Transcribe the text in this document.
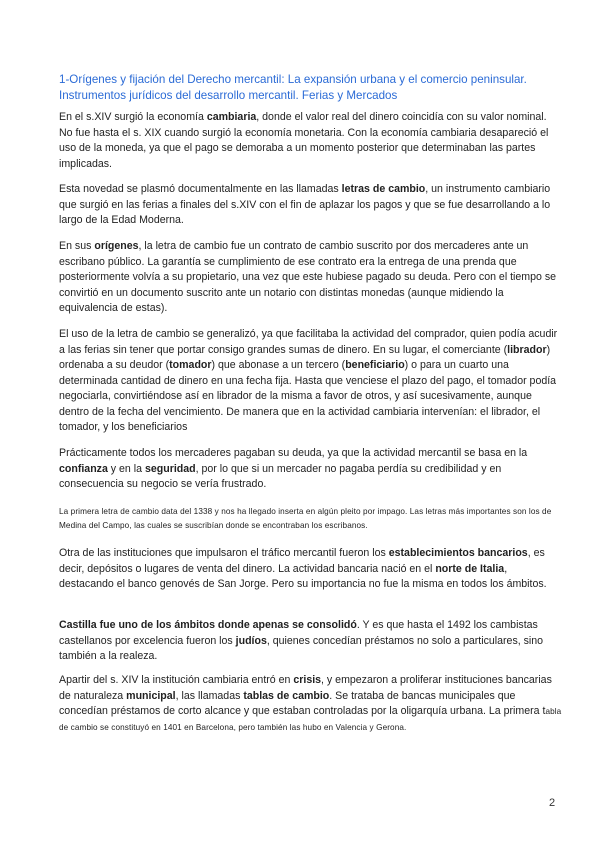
1-Orígenes y fijación del Derecho mercantil: La expansión urbana y el comercio peninsular. Instrumentos jurídicos del desarrollo mercantil. Ferias y Mercados

En el s.XIV surgió la economía cambiaria, donde el valor real del dinero coincidía con su valor nominal. No fue hasta el s. XIX cuando surgió la economía monetaria. Con la economía cambiaria desapareció el uso de la moneda, ya que el pago se demoraba a un momento posterior que determinaban las partes implicadas.

Esta novedad se plasmó documentalmente en las llamadas letras de cambio, un instrumento cambiario que surgió en las ferias a finales del s.XIV con el fin de aplazar los pagos y que se fue desarrollando a lo largo de la Edad Moderna.

En sus orígenes, la letra de cambio fue un contrato de cambio suscrito por dos mercaderes ante un escribano público. La garantía se cumplimiento de ese contrato era la entrega de una prenda que posteriormente volvía a su propietario, una vez que este hubiese pagado su deuda. Pero con el tiempo se convirtió en un documento suscrito ante un notario con distintas monedas (aunque midiendo la equivalencia de estas).

El uso de la letra de cambio se generalizó, ya que facilitaba la actividad del comprador, quien podía acudir a las ferias sin tener que portar consigo grandes sumas de dinero. En su lugar, el comerciante (librador) ordenaba a su deudor (tomador) que abonase a un tercero (beneficiario) o para un cuarto una determinada cantidad de dinero en una fecha fija. Hasta que venciese el plazo del pago, el tomador podía negociarla, convirtiéndose así en librador de la misma a favor de otros, y así sucesivamente, aunque dentro de la fecha del vencimiento. De manera que en la actividad cambiaria intervenían: el librador, el tomador, y los beneficiarios

Prácticamente todos los mercaderes pagaban su deuda, ya que la actividad mercantil se basa en la confianza y en la seguridad, por lo que si un mercader no pagaba perdía su credibilidad y en consecuencia su negocio se vería frustrado.

La primera letra de cambio data del 1338 y nos ha llegado inserta en algún pleito por impago. Las letras más importantes son los de Medina del Campo, las cuales se suscribían donde se encontraban los escribanos.

Otra de las instituciones que impulsaron el tráfico mercantil fueron los establecimientos bancarios, es decir, depósitos o lugares de venta del dinero. La actividad bancaria nació en el norte de Italia, destacando el banco genovés de San Jorge. Pero su importancia no fue la misma en todos los ámbitos.

Castilla fue uno de los ámbitos donde apenas se consolidó. Y es que hasta el 1492 los cambistas castellanos por excelencia fueron los judíos, quienes concedían préstamos no solo a particulares, sino también a la realeza.

Apartir del s. XIV la institución cambiaria entró en crisis, y empezaron a proliferar instituciones bancarias de naturaleza municipal, las llamadas tablas de cambio. Se trataba de bancas municipales que concedían préstamos de corto alcance y que estaban controladas por la oligarquía urbana. La primera tabla de cambio se constituyó en 1401 en Barcelona, pero también las hubo en Valencia y Gerona.

2
